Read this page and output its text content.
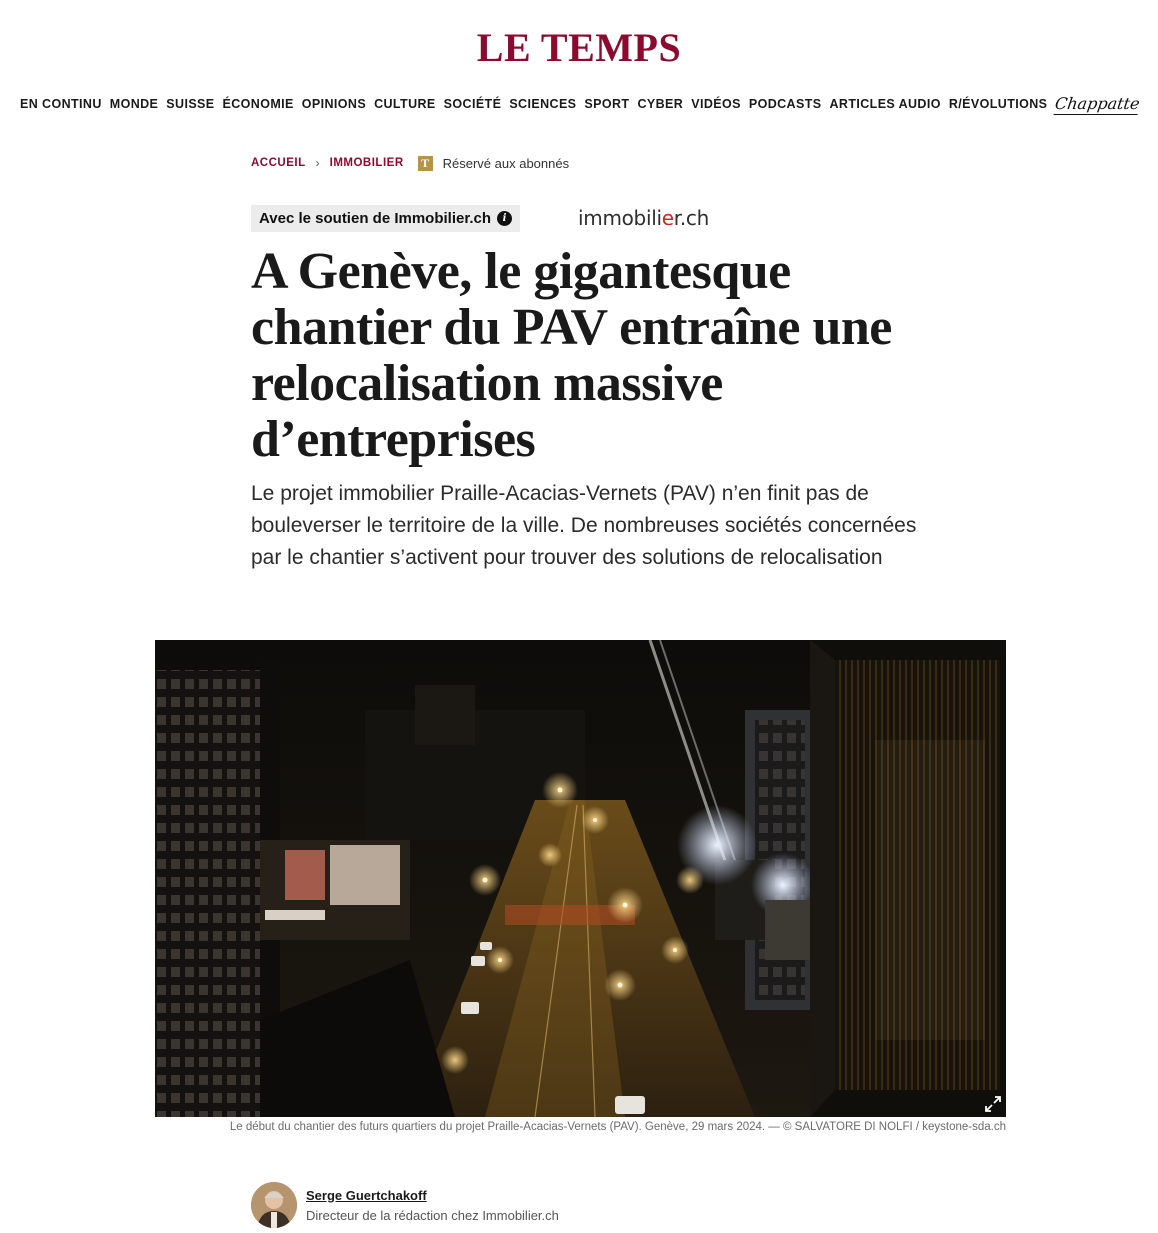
LE TEMPS
EN CONTINU MONDE SUISSE ÉCONOMIE OPINIONS CULTURE SOCIÉTÉ SCIENCES SPORT CYBER VIDÉOS PODCASTS ARTICLES AUDIO R/ÉVOLUTIONS Chappatte
ACCUEIL › IMMOBILIER T Réservé aux abonnés
Avec le soutien de Immobilier.ch	i	immobilier.ch
A Genève, le gigantesque chantier du PAV entraîne une relocalisation massive d’entreprises

Le projet immobilier Praille-Acacias-Vernets (PAV) n’en finit pas de bouleverser le territoire de la ville. De nombreuses sociétés concernées par le chantier s’activent pour trouver des solutions de relocalisation

Le début du chantier des futurs quartiers du projet Praille-Acacias-Vernets (PAV). Genève, 29 mars 2024. — © SALVATORE DI NOLFI / keystone-sda.ch
Serge Guertchakoff
Directeur de la rédaction chez Immobilier.ch
